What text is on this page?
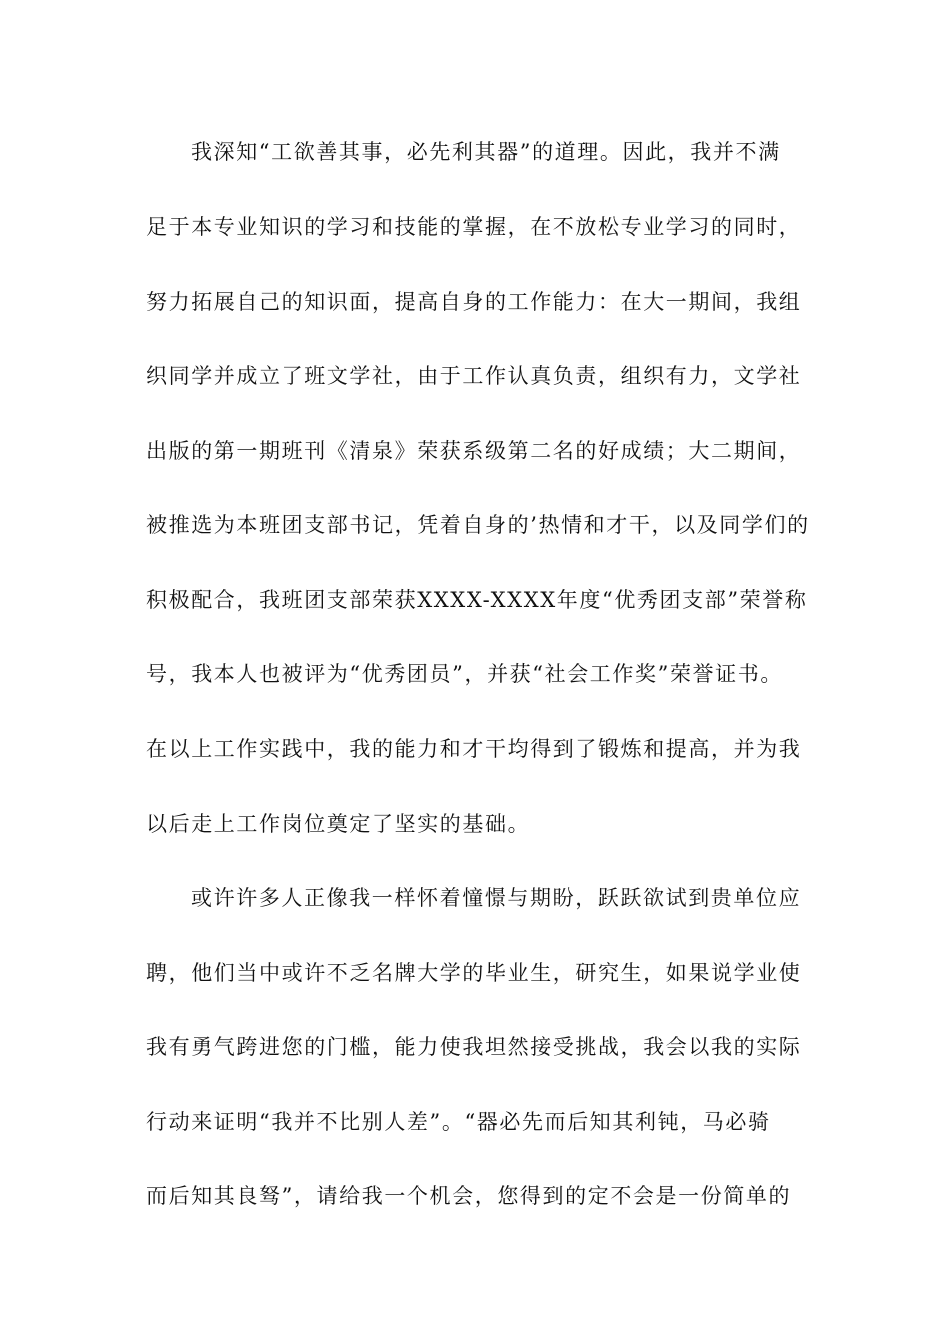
我深知“工欲善其事，必先利其器”的道理。因此，我并不满
足于本专业知识的学习和技能的掌握，在不放松专业学习的同时，
努力拓展自己的知识面，提高自身的工作能力：在大一期间，我组
织同学并成立了班文学社，由于工作认真负责，组织有力，文学社
出版的第一期班刊《清泉》荣获系级第二名的好成绩；大二期间，
被推选为本班团支部书记，凭着自身的’热情和才干，以及同学们的
积极配合，我班团支部荣获XXXX-XXXX年度“优秀团支部”荣誉称
号，我本人也被评为“优秀团员”，并获“社会工作奖”荣誉证书。
在以上工作实践中，我的能力和才干均得到了锻炼和提高，并为我
以后走上工作岗位奠定了坚实的基础。
或许许多人正像我一样怀着憧憬与期盼，跃跃欲试到贵单位应
聘，他们当中或许不乏名牌大学的毕业生，研究生，如果说学业使
我有勇气跨进您的门槛，能力使我坦然接受挑战，我会以我的实际
行动来证明“我并不比别人差”。“器必先而后知其利钝，马必骑
而后知其良驽”，请给我一个机会，您得到的定不会是一份简单的
